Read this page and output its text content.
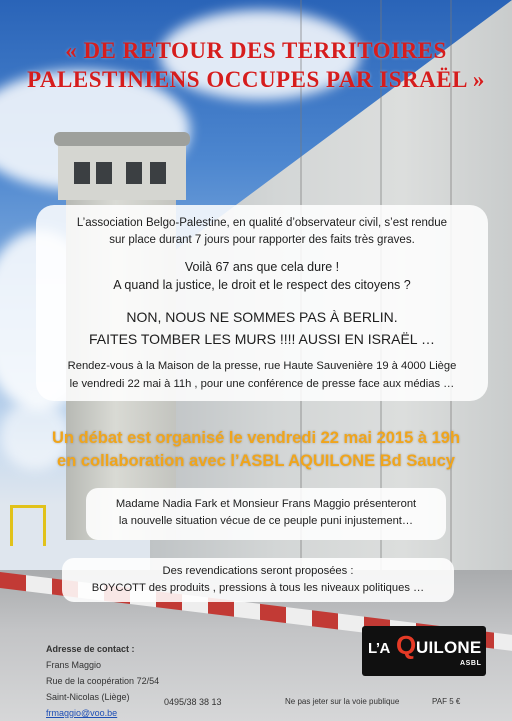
« DE RETOUR DES TERRITOIRES
PALESTINIENS OCCUPES PAR ISRAËL »

L’association Belgo-Palestine, en qualité d’observateur civil, s’est rendue

sur place durant 7 jours pour rapporter des faits très graves.

Voilà 67 ans que cela dure !

A quand la justice, le droit et le respect des citoyens ?

NON, NOUS NE SOMMES PAS À BERLIN.

FAITES TOMBER LES MURS !!!! AUSSI EN ISRAËL …

Rendez-vous à la Maison de la presse, rue Haute Sauvenière 19 à 4000 Liège

le vendredi 22 mai à 11h , pour une conférence de presse face aux médias …

Un débat est organisé le vendredi 22 mai 2015 à 19h
en collaboration avec l’ASBL AQUILONE Bd Saucy

Madame Nadia Fark et Monsieur Frans Maggio présenteront

la nouvelle situation vécue de ce peuple puni injustement…

Des revendications seront proposées :

BOYCOTT des produits , pressions à tous les niveaux politiques …

Adresse de contact :
Frans Maggio
Rue de la coopération 72/54
Saint-Nicolas (Liège)
frmaggio@voo.be
0495/38 38 13	Ne pas jeter sur la voie publique	PAF 5 €
L’A Q UILONE
ASBL
